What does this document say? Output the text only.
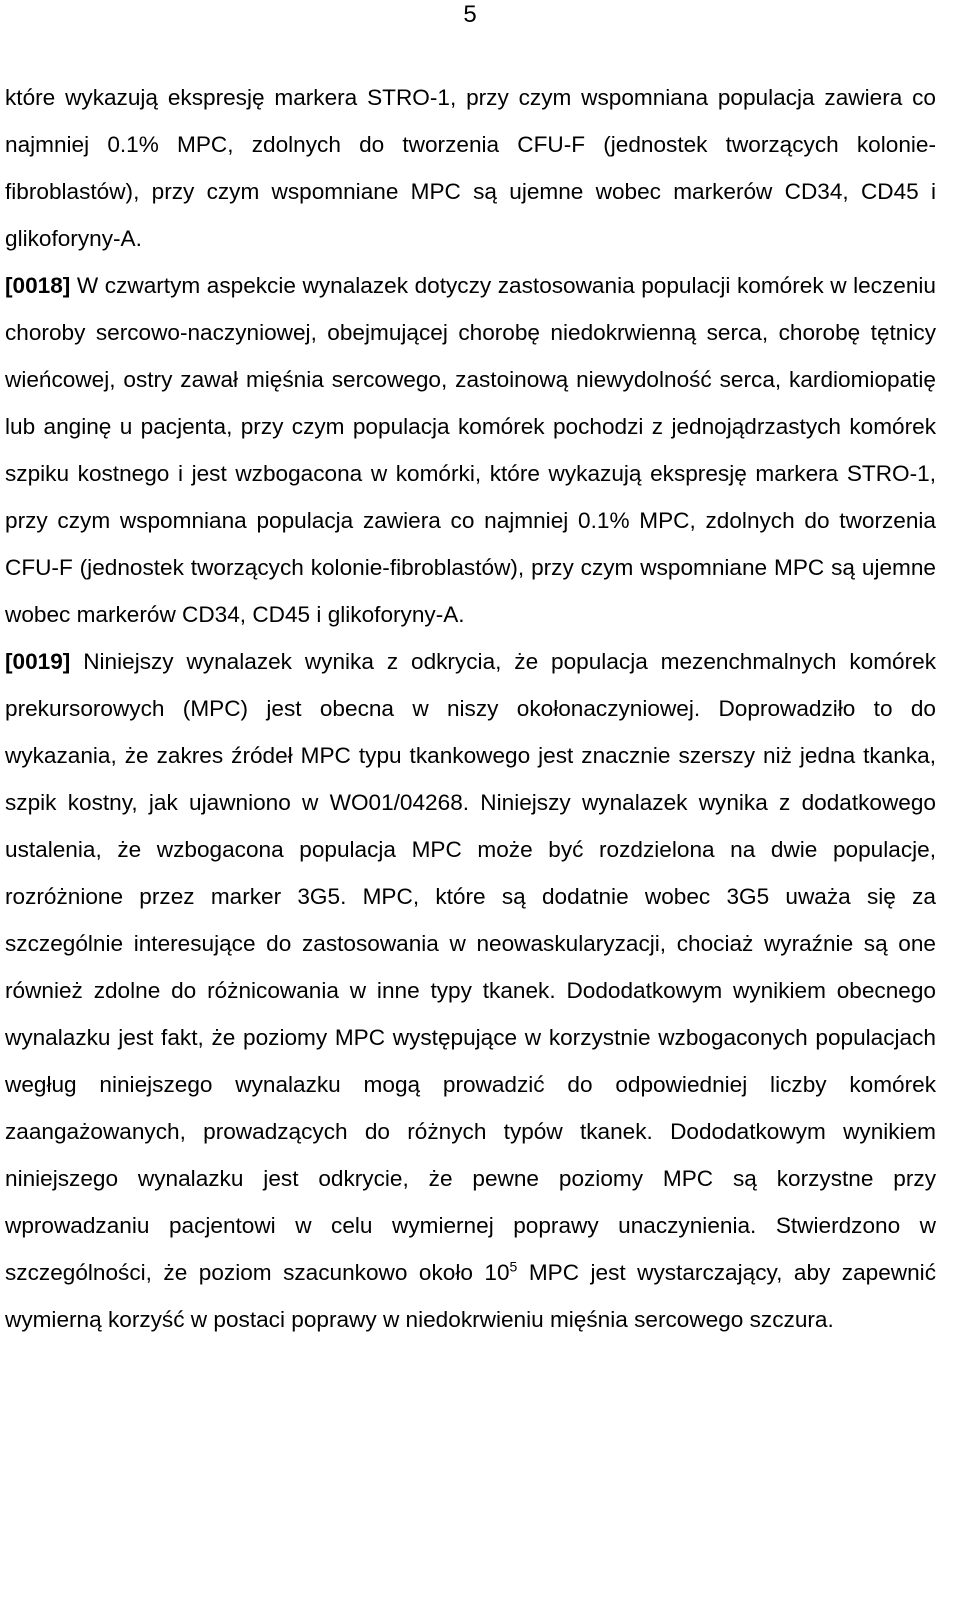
5

które wykazują ekspresję markera STRO-1, przy czym wspomniana populacja zawiera co najmniej 0.1% MPC, zdolnych do tworzenia CFU-F (jednostek tworzących kolonie-fibroblastów), przy czym wspomniane MPC są ujemne wobec markerów CD34, CD45 i glikoforyny-A.

[0018] W czwartym aspekcie wynalazek dotyczy zastosowania populacji komórek w leczeniu choroby sercowo-naczyniowej, obejmującej chorobę niedokrwienną serca, chorobę tętnicy wieńcowej, ostry zawał mięśnia sercowego, zastoinową niewydolność serca, kardiomiopatię lub anginę u pacjenta, przy czym populacja komórek pochodzi z jednojądrzastych komórek szpiku kostnego i jest wzbogacona w komórki, które wykazują ekspresję markera STRO-1, przy czym wspomniana populacja zawiera co najmniej 0.1% MPC, zdolnych do tworzenia CFU-F (jednostek tworzących kolonie-fibroblastów), przy czym wspomniane MPC są ujemne wobec markerów CD34, CD45 i glikoforyny-A.

[0019] Niniejszy wynalazek wynika z odkrycia, że populacja mezenchmalnych komórek prekursorowych (MPC) jest obecna w niszy okołonaczyniowej. Doprowadziło to do wykazania, że zakres źródeł MPC typu tkankowego jest znacznie szerszy niż jedna tkanka, szpik kostny, jak ujawniono w WO01/04268. Niniejszy wynalazek wynika z dodatkowego ustalenia, że wzbogacona populacja MPC może być rozdzielona na dwie populacje, rozróżnione przez marker 3G5. MPC, które są dodatnie wobec 3G5 uważa się za szczególnie interesujące do zastosowania w neowaskularyzacji, chociaż wyraźnie są one również zdolne do różnicowania w inne typy tkanek. Dododatkowym wynikiem obecnego wynalazku jest fakt, że poziomy MPC występujące w korzystnie wzbogaconych populacjach wegług niniejszego wynalazku mogą prowadzić do odpowiedniej liczby komórek zaangażowanych, prowadzących do różnych typów tkanek. Dododatkowym wynikiem niniejszego wynalazku jest odkrycie, że pewne poziomy MPC są korzystne przy wprowadzaniu pacjentowi w celu wymiernej poprawy unaczynienia. Stwierdzono w szczególności, że poziom szacunkowo około $10^5$ MPC jest wystarczający, aby zapewnić wymierną korzyść w postaci poprawy w niedokrwieniu mięśnia sercowego szczura.
